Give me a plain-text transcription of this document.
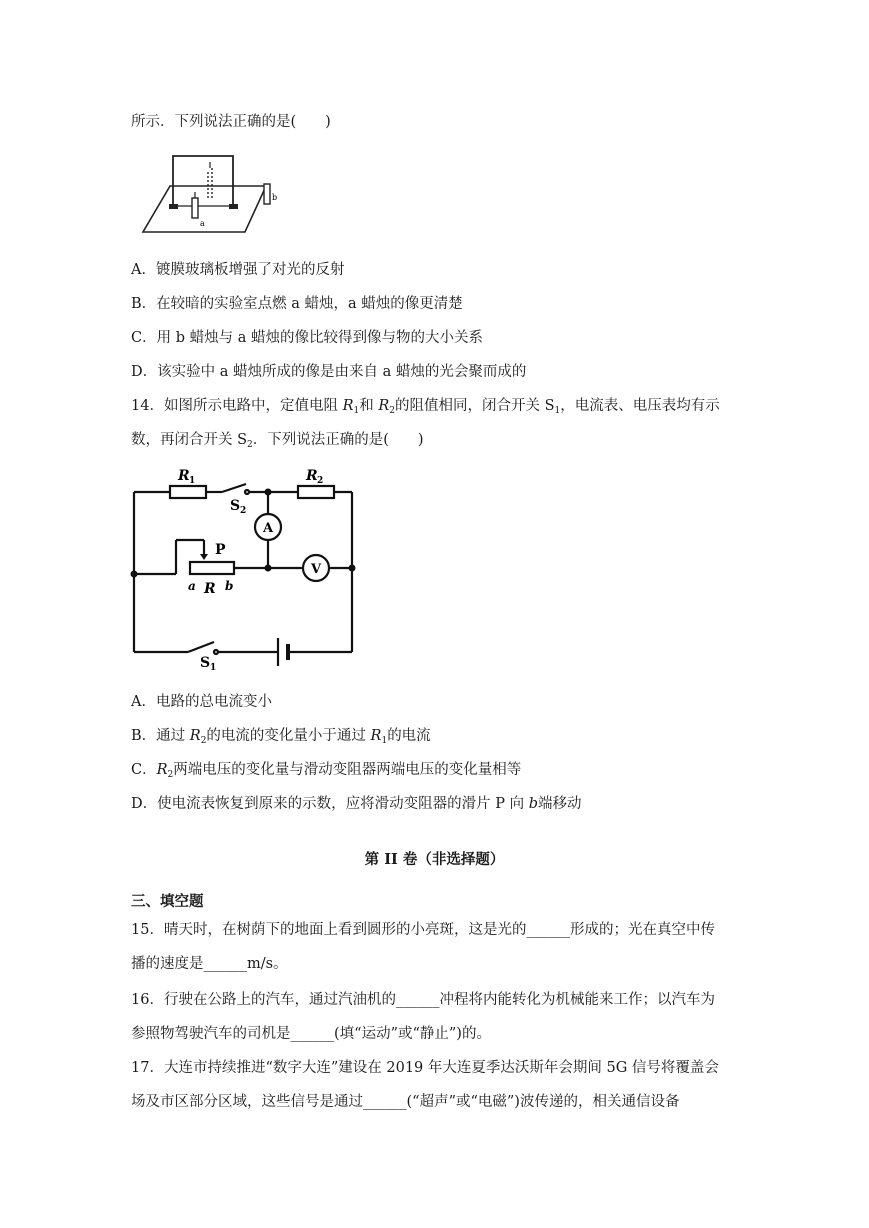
所示．下列说法正确的是(　　)
b
a
A．镀膜玻璃板增强了对光的反射
B．在较暗的实验室点燃 a 蜡烛，a 蜡烛的像更清楚
C．用 b 蜡烛与 a 蜡烛的像比较得到像与物的大小关系
D．该实验中 a 蜡烛所成的像是由来自 a 蜡烛的光会聚而成的
14．如图所示电路中，定值电阻 $R_1$和 $R_2$的阻值相同，闭合开关 $S_1$，电流表、电压表均有示
数，再闭合开关 $S_2$．下列说法正确的是(　　)
R 1	R 2
S 2
A
V
P
a R b
S 1
A．电路的总电流变小
B．通过 $R_2$的电流的变化量小于通过 $R_1$的电流
C．$R_2$两端电压的变化量与滑动变阻器两端电压的变化量相等
D．使电流表恢复到原来的示数，应将滑动变阻器的滑片 P 向 b端移动
第 II 卷（非选择题）
三、填空题
15．晴天时，在树荫下的地面上看到圆形的小亮斑，这是光的______形成的；光在真空中传
播的速度是______m/s。
16．行驶在公路上的汽车，通过汽油机的______冲程将内能转化为机械能来工作；以汽车为
参照物驾驶汽车的司机是______(填“运动”或“静止”)的。
17．大连市持续推进“数字大连”建设在 2019 年大连夏季达沃斯年会期间 5G 信号将覆盖会
场及市区部分区域，这些信号是通过______(“超声”或“电磁”)波传递的，相关通信设备
